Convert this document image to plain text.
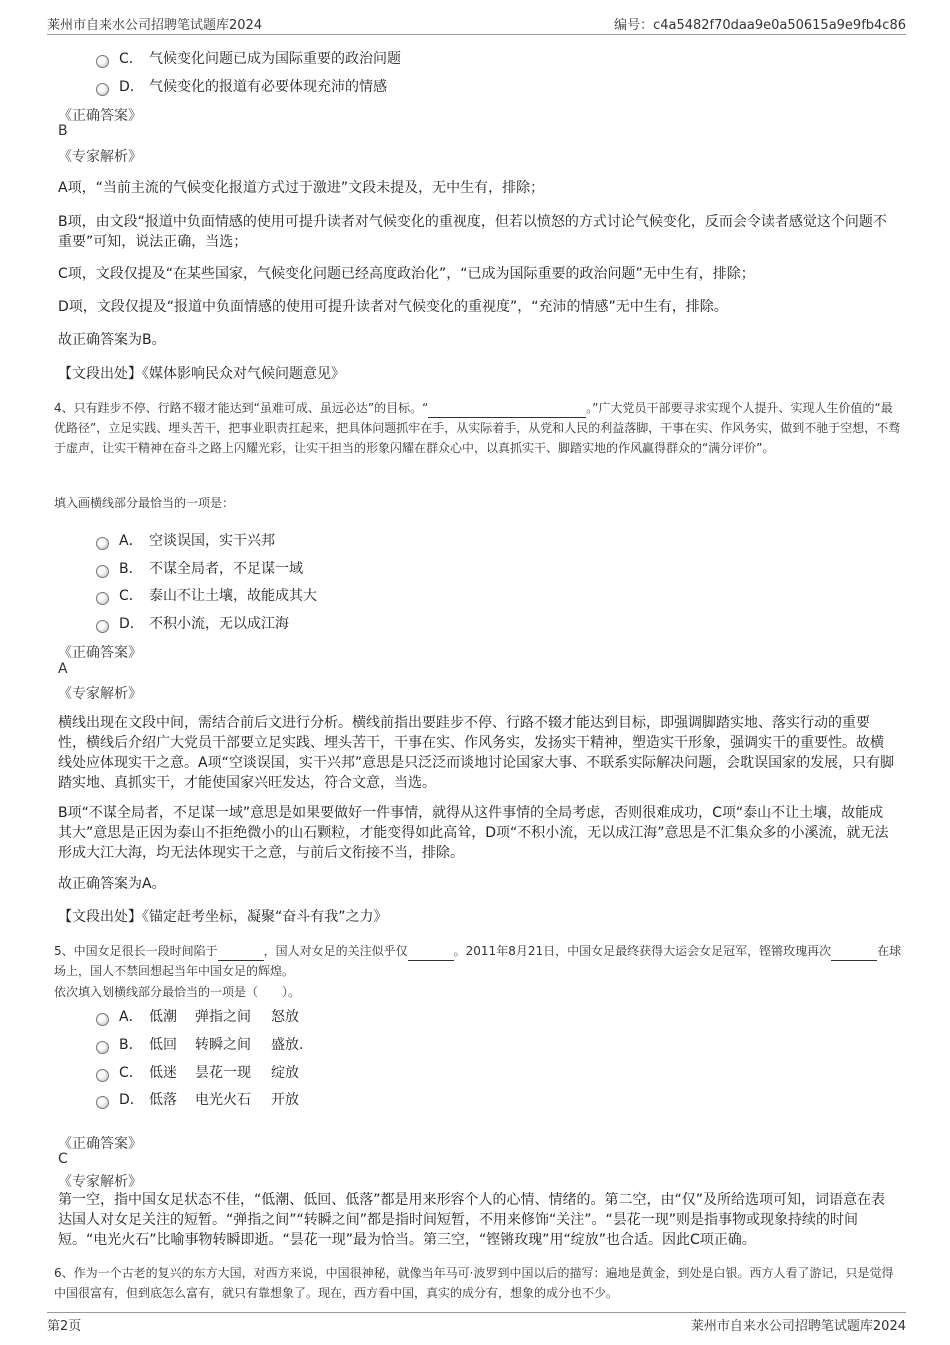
莱州市自来水公司招聘笔试题库2024	编号：c4a5482f70daa9e0a50615a9e9fb4c86
C． 气候变化问题已成为国际重要的政治问题
D． 气候变化的报道有必要体现充沛的情感
《正确答案》
B
《专家解析》
A项，“当前主流的气候变化报道方式过于激进”文段未提及，无中生有，排除；
B项，由文段“报道中负面情感的使用可提升读者对气候变化的重视度，但若以愤怒的方式讨论气候变化，反而会令读者感觉这个问题不重要”可知，说法正确，当选；
C项，文段仅提及“在某些国家，气候变化问题已经高度政治化”，“已成为国际重要的政治问题”无中生有，排除；
D项，文段仅提及“报道中负面情感的使用可提升读者对气候变化的重视度”，“充沛的情感”无中生有，排除。
故正确答案为B。
【文段出处】《媒体影响民众对气候问题意见》
4、只有跬步不停、行路不辍才能达到“虽难可成、虽远必达”的目标。“	。”广大党员干部要寻求实现个人提升、实现人生价值的“最优路径”，立足实践、埋头苦干，把事业职责扛起来，把具体问题抓牢在手，从实际着手，从党和人民的利益落脚，干事在实、作风务实，做到不驰于空想，不骛于虚声，让实干精神在奋斗之路上闪耀光彩，让实干担当的形象闪耀在群众心中，以真抓实干、脚踏实地的作风赢得群众的“满分评价”。
填入画横线部分最恰当的一项是：
A． 空谈误国，实干兴邦
B． 不谋全局者，不足谋一域
C． 泰山不让土壤，故能成其大
D． 不积小流，无以成江海
《正确答案》
A
《专家解析》
横线出现在文段中间，需结合前后文进行分析。横线前指出要跬步不停、行路不辍才能达到目标，即强调脚踏实地、落实行动的重要性，横线后介绍广大党员干部要立足实践、埋头苦干，干事在实、作风务实，发扬实干精神，塑造实干形象，强调实干的重要性。故横线处应体现实干之意。A项“空谈误国，实干兴邦”意思是只泛泛而谈地讨论国家大事、不联系实际解决问题，会耽误国家的发展，只有脚踏实地、真抓实干，才能使国家兴旺发达，符合文意，当选。
B项“不谋全局者，不足谋一域”意思是如果要做好一件事情，就得从这件事情的全局考虑，否则很难成功，C项“泰山不让土壤，故能成其大”意思是正因为泰山不拒绝微小的山石颗粒，才能变得如此高耸，D项“不积小流，无以成江海”意思是不汇集众多的小溪流，就无法形成大江大海，均无法体现实干之意，与前后文衔接不当，排除。
故正确答案为A。
【文段出处】《锚定赶考坐标，凝聚“奋斗有我”之力》
5、中国女足很长一段时间陷于	，国人对女足的关注似乎仅	。2011年8月21日，中国女足最终获得大运会女足冠军，铿锵玫瑰再次	在球场上，国人不禁回想起当年中国女足的辉煌。
依次填入划横线部分最恰当的一项是（　　）。
A． 低潮	弹指之间	怒放
B． 低回	转瞬之间	盛放.
C． 低迷	昙花一现	绽放
D． 低落	电光火石	开放
《正确答案》
C
《专家解析》
第一空，指中国女足状态不佳，“低潮、低回、低落”都是用来形容个人的心情、情绪的。第二空，由“仅”及所给选项可知，词语意在表达国人对女足关注的短暂。“弹指之间”“转瞬之间”都是指时间短暂，不用来修饰“关注”。“昙花一现”则是指事物或现象持续的时间短。“电光火石”比喻事物转瞬即逝。“昙花一现”最为恰当。第三空，“铿锵玫瑰”用“绽放”也合适。因此C项正确。
6、作为一个古老的复兴的东方大国，对西方来说，中国很神秘，就像当年马可·波罗到中国以后的描写：遍地是黄金，到处是白银。西方人看了游记，只是觉得中国很富有，但到底怎么富有，就只有靠想象了。现在，西方看中国，真实的成分有，想象的成分也不少。
第2页	莱州市自来水公司招聘笔试题库2024
